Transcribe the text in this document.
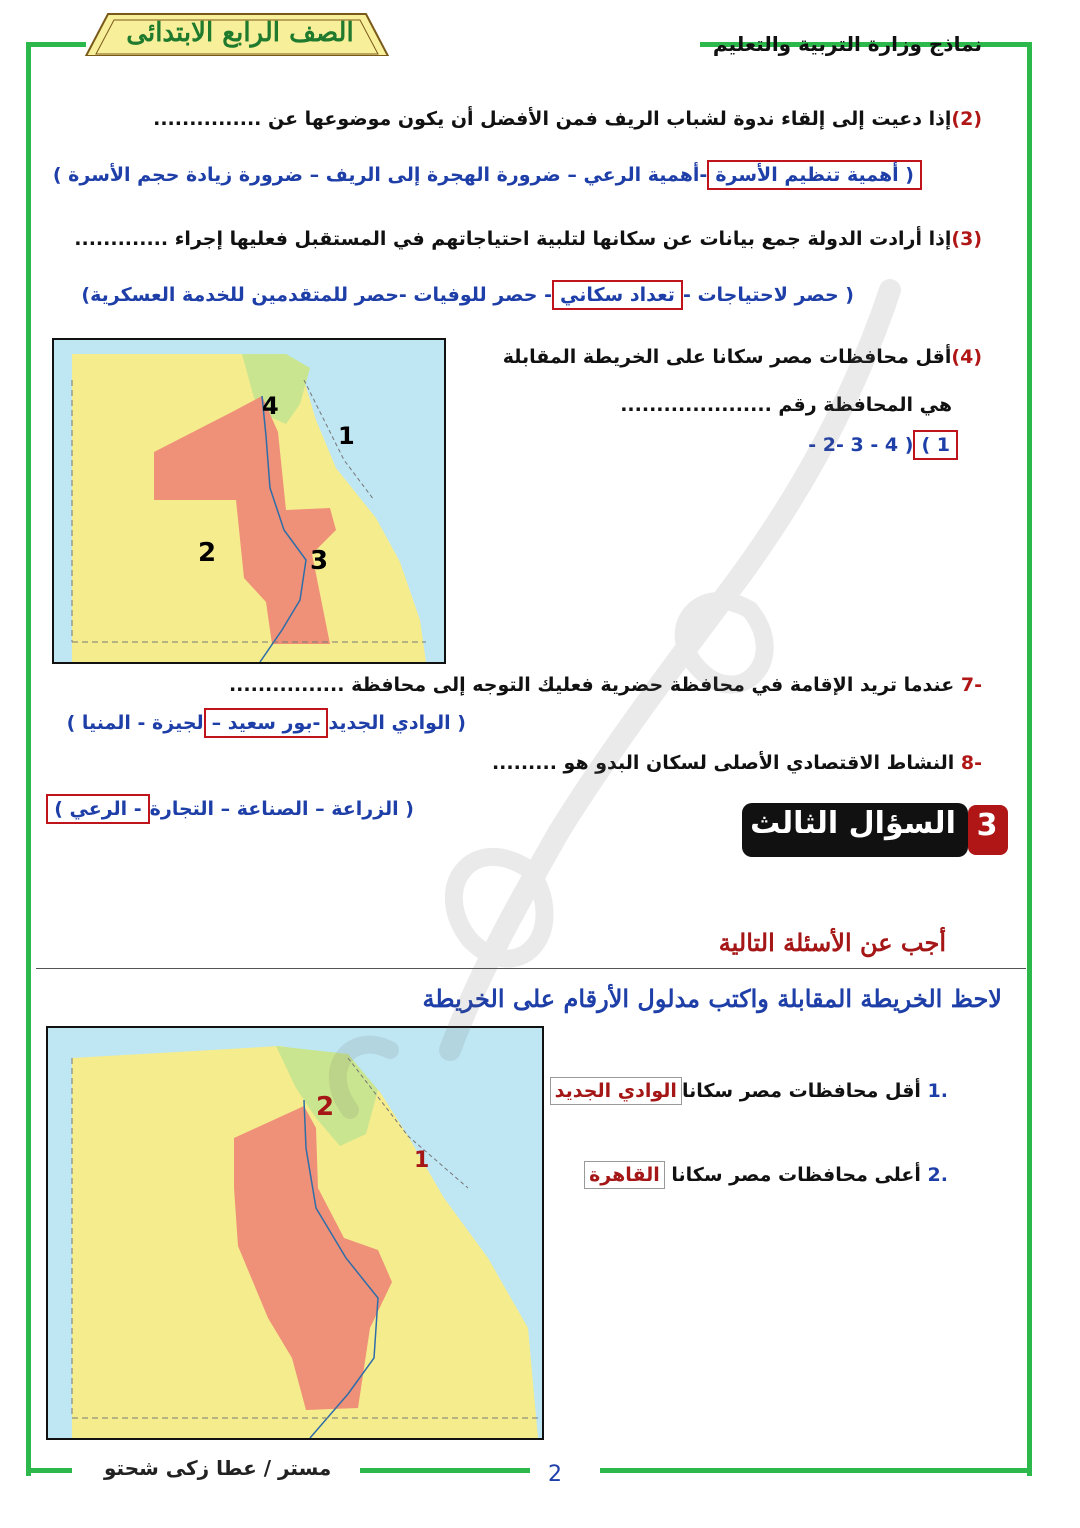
الصف الرابع الابتدائى	نماذج وزارة التربية والتعليم
(2)إذا دعيت إلى إلقاء ندوة لشباب الريف فمن الأفضل أن يكون موضوعها عن ...............
( أهمية تنظيم الأسرة-أهمية الرعي – ضرورة الهجرة إلى الريف – ضرورة زيادة حجم الأسرة )
(3)إذا أرادت الدولة جمع بيانات عن سكانها لتلبية احتياجاتهم في المستقبل فعليها إجراء .............
( حصر لاحتياجات -تعداد سكاني- حصر للوفيات -حصر للمتقدمين للخدمة العسكرية)
4
1
2	3
(4)أقل محافظات مصر سكانا على الخريطة المقابلة
هي المحافظة رقم .....................
1 )( 4 - 3 -2 -
-7 عندما تريد الإقامة في محافظة حضرية فعليك التوجه إلى محافظة ................
( الوادي الجديد-بور سعيد –لجيزة - المنيا )
-8 النشاط الاقتصادي الأصلى لسكان البدو هو .........
( الزراعة – الصناعة – التجارة- الرعي )	السؤال الثالث 3
أجب عن الأسئلة التالية
لاحظ الخريطة المقابلة واكتب مدلول الأرقام على الخريطة
2
1
.1 أقل محافظات مصر سكاناالوادي الجديد
.2 أعلى محافظات مصر سكانا القاهرة
مستر / عطا زكى شحتو	2
